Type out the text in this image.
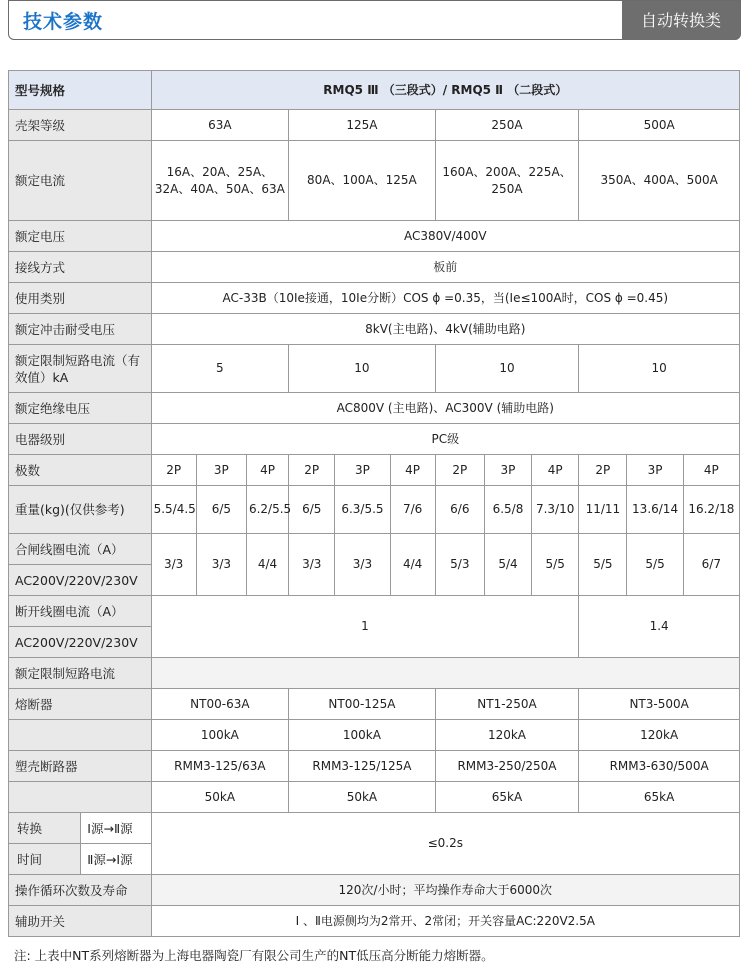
技术参数	自动转换类
型号规格		RMQ5 Ⅲ （三段式）/ RMQ5 Ⅱ （二段式）											
壳架等级		63A			125A			250A			500A		
额定电流		16A、20A、25A、32A、40A、50A、63A			80A、100A、125A			160A、200A、225A、250A			350A、400A、500A		
额定电压		AC380V/400V											
接线方式		板前											
使用类别		AC-33B（10Ie接通，10Ie分断）COS ϕ =0.35，当(Ie≤100A时，COS ϕ =0.45)											
额定冲击耐受电压		8kV(主电路)、4kV(辅助电路)											
额定限制短路电流（有效值）kA		5			10			10			10		
额定绝缘电压		AC800V (主电路)、AC300V (辅助电路)											
电器级别		PC级											
极数		2P	3P	4P	2P	3P	4P	2P	3P	4P	2P	3P	4P
重量(kg)(仅供参考)		5.5/4.5	6/5	6.2/5.5	6/5	6.3/5.5	7/6	6/6	6.5/8	7.3/10	11/11	13.6/14	16.2/18
合闸线圈电流（A）		3/3	3/3	4/4	3/3	3/3	4/4	5/3	5/4	5/5	5/5	5/5	6/7
AC200V/220V/230V													
断开线圈电流（A）		1									1.4		
AC200V/220V/230V													
额定限制短路电流													
熔断器		NT00-63A			NT00-125A			NT1-250A			NT3-500A		
		100kA			100kA			120kA			120kA		
塑壳断路器		RMM3-125/63A			RMM3-125/125A			RMM3-250/250A			RMM3-630/500A		
		50kA			50kA			65kA			65kA		
转换	Ⅰ源→Ⅱ源	≤0.2s											
时间	Ⅱ源→Ⅰ源												
操作循环次数及寿命		120次/小时；平均操作寿命大于6000次											
辅助开关		Ⅰ 、Ⅱ电源侧均为2常开、2常闭；开关容量AC:220V2.5A											
注: 上表中NT系列熔断器为上海电器陶瓷厂有限公司生产的NT低压高分断能力熔断器。
